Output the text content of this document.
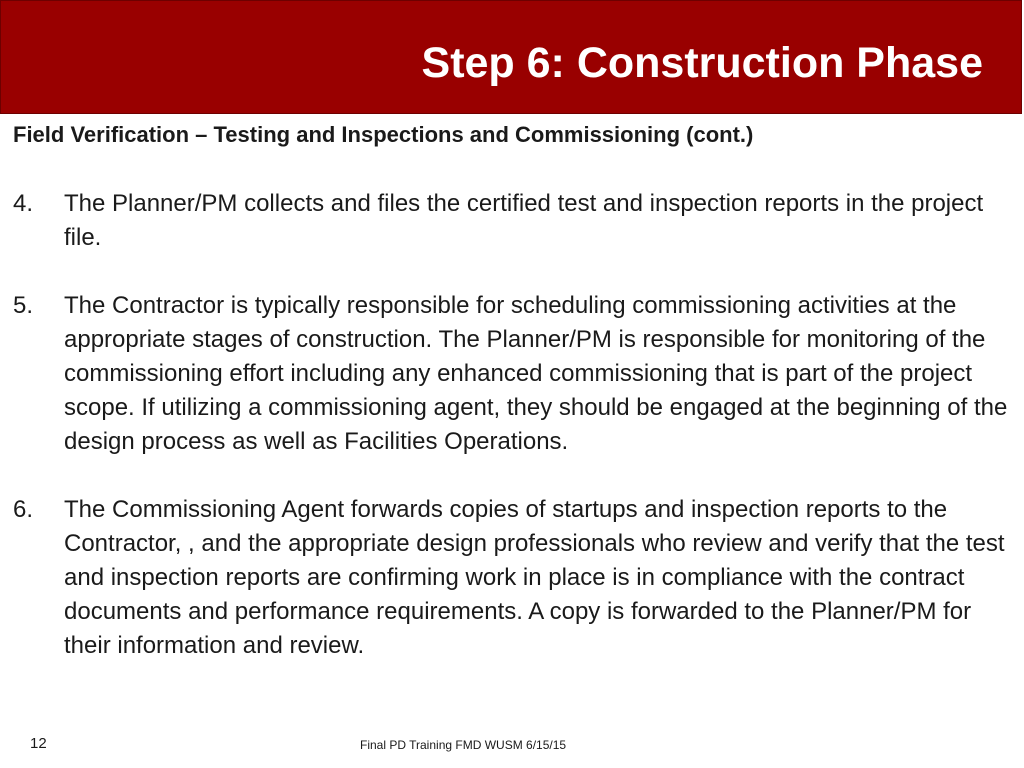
Step 6: Construction Phase

Field Verification – Testing and Inspections and Commissioning (cont.)

4. The Planner/PM collects and files the certified test and inspection reports in the project file.
5. The Contractor is typically responsible for scheduling commissioning activities at the appropriate stages of construction. The Planner/PM is responsible for monitoring of the commissioning effort including any enhanced commissioning that is part of the project scope. If utilizing a commissioning agent, they should be engaged at the beginning of the design process as well as Facilities Operations.
6. The Commissioning Agent forwards copies of startups and inspection reports to the Contractor, , and the appropriate design professionals who review and verify that the test and inspection reports are confirming work in place is in compliance with the contract documents and performance requirements. A copy is forwarded to the Planner/PM for their information and review.
12	Final PD Training FMD WUSM 6/15/15
